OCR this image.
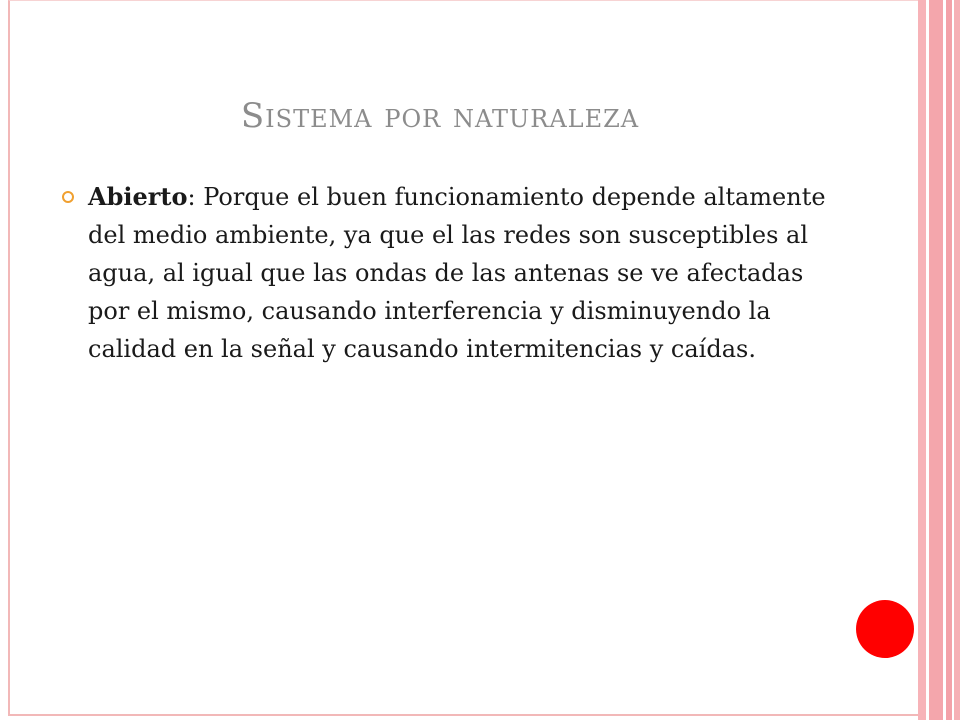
Sistema por naturaleza
Abierto: Porque el buen funcionamiento depende altamente del medio ambiente, ya que el las redes son susceptibles al agua, al igual que las ondas de las antenas se ve afectadas por el mismo, causando interferencia y disminuyendo la calidad en la señal y causando intermitencias y caídas.
